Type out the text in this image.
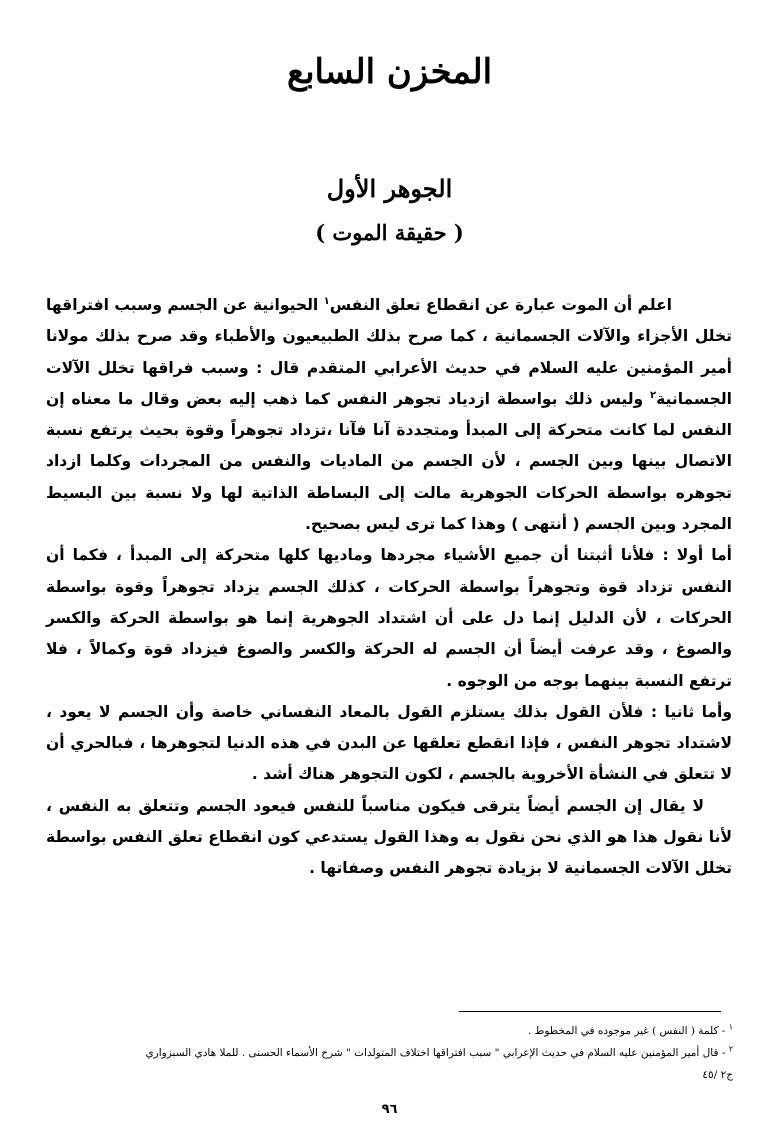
المخزن السابع
الجوهر الأول
( حقيقة الموت )

اعلم أن الموت عبارة عن انقطاع تعلق النفس$^١$ الحيوانية عن الجسم وسبب افتراقها تخلل الأجزاء والآلات الجسمانية ، كما صرح بذلك الطبيعيون والأطباء وقد صرح بذلك مولانا أمير المؤمنين عليه السلام في حديث الأعرابي المتقدم قال : وسبب فراقها تخلل الآلات الجسمانية$^٢$ وليس ذلك بواسطة ازدياد تجوهر النفس كما ذهب إليه بعض وقال ما معناه إن النفس لما كانت متحركة إلى المبدأ ومتجددة آنا فآنا ،تزداد تجوهراً وقوة بحيث يرتفع نسبة الاتصال بينها وبين الجسم ، لأن الجسم من الماديات والنفس من المجردات وكلما ازداد تجوهره بواسطة الحركات الجوهرية مالت إلى البساطة الذاتية لها ولا نسبة بين البسيط المجرد وبين الجسم ( أنتهى ) وهذا كما ترى ليس بصحيح.

أما أولا : فلأنا أثبتنا أن جميع الأشياء مجردها وماديها كلها متحركة إلى المبدأ ، فكما أن النفس تزداد قوة وتجوهراً بواسطة الحركات ، كذلك الجسم يزداد تجوهراً وقوة بواسطة الحركات ، لأن الدليل إنما دل على أن اشتداد الجوهرية إنما هو بواسطة الحركة والكسر والصوغ ، وقد عرفت أيضاً أن الجسم له الحركة والكسر والصوغ فيزداد قوة وكمالاً ، فلا ترتفع النسبة بينهما بوجه من الوجوه .

وأما ثانيا : فلأن القول بذلك يستلزم القول بالمعاد النفساني خاصة وأن الجسم لا يعود ، لاشتداد تجوهر النفس ، فإذا انقطع تعلقها عن البدن في هذه الدنيا لتجوهرها ، فبالحري أن لا تتعلق في النشأة الأخروية بالجسم ، لكون التجوهر هناك أشد .

لا يقال إن الجسم أيضاً يترقى فيكون مناسباً للنفس فيعود الجسم وتتعلق به النفس ، لأنا نقول هذا هو الذي نحن نقول به وهذا القول يستدعي كون انقطاع تعلق النفس بواسطة تخلل الآلات الجسمانية لا بزيادة تجوهر النفس وصفاتها .

$^١$ - كلمة ( النفس ) غير موجوده في المخطوط .

$^٢$ - قال أمير المؤمنين عليه السلام في حديث الإعرابي " سبب افتراقها اختلاف المتولدات " شرح الأسماء الحسنى . للملا هادي السبزواري ج٢ /٤٥

٩٦
